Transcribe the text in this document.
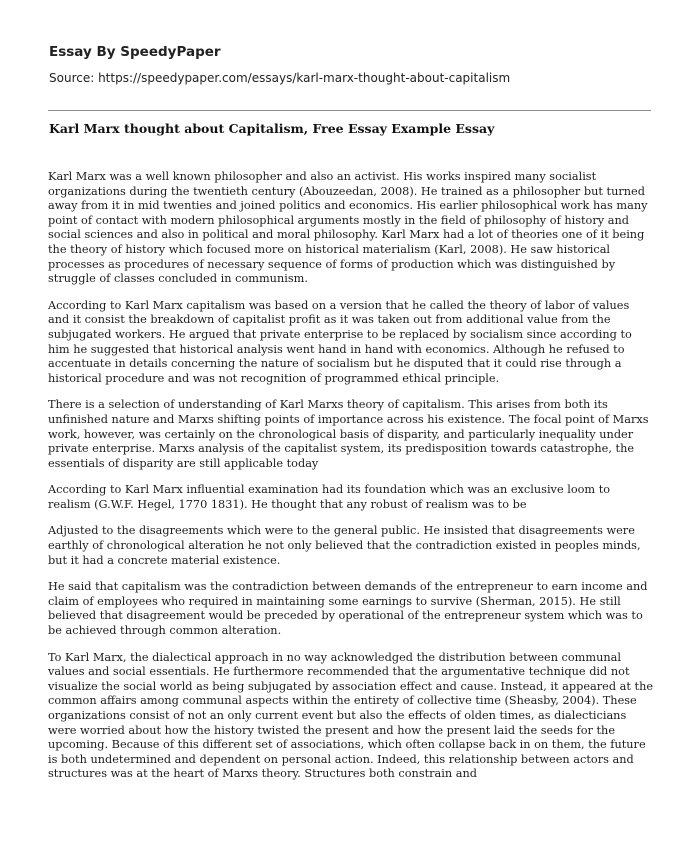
Essay By SpeedyPaper

Source: https://speedypaper.com/essays/karl-marx-thought-about-capitalism

Karl Marx thought about Capitalism, Free Essay Example Essay

Karl Marx was a well known philosopher and also an activist. His works inspired many socialist organizations during the twentieth century (Abouzeedan, 2008). He trained as a philosopher but turned away from it in mid twenties and joined politics and economics. His earlier philosophical work has many point of contact with modern philosophical arguments mostly in the field of philosophy of history and social sciences and also in political and moral philosophy. Karl Marx had a lot of theories one of it being the theory of history which focused more on historical materialism (Karl, 2008). He saw historical processes as procedures of necessary sequence of forms of production which was distinguished by struggle of classes concluded in communism.

According to Karl Marx capitalism was based on a version that he called the theory of labor of values and it consist the breakdown of capitalist profit as it was taken out from additional value from the subjugated workers. He argued that private enterprise to be replaced by socialism since according to him he suggested that historical analysis went hand in hand with economics. Although he refused to accentuate in details concerning the nature of socialism but he disputed that it could rise through a historical procedure and was not recognition of programmed ethical principle.

There is a selection of understanding of Karl Marxs theory of capitalism. This arises from both its unfinished nature and Marxs shifting points of importance across his existence. The focal point of Marxs work, however, was certainly on the chronological basis of disparity, and particularly inequality under private enterprise. Marxs analysis of the capitalist system, its predisposition towards catastrophe, the essentials of disparity are still applicable today

According to Karl Marx influential examination had its foundation which was an exclusive loom to realism (G.W.F. Hegel, 1770 1831). He thought that any robust of realism was to be

Adjusted to the disagreements which were to the general public. He insisted that disagreements were earthly of chronological alteration he not only believed that the contradiction existed in peoples minds, but it had a concrete material existence.

He said that capitalism was the contradiction between demands of the entrepreneur to earn income and claim of employees who required in maintaining some earnings to survive (Sherman, 2015). He still believed that disagreement would be preceded by operational of the entrepreneur system which was to be achieved through common alteration.

To Karl Marx, the dialectical approach in no way acknowledged the distribution between communal values and social essentials. He furthermore recommended that the argumentative technique did not visualize the social world as being subjugated by association effect and cause. Instead, it appeared at the common affairs among communal aspects within the entirety of collective time (Sheasby, 2004). These organizations consist of not an only current event but also the effects of olden times, as dialecticians were worried about how the history twisted the present and how the present laid the seeds for the upcoming. Because of this different set of associations, which often collapse back in on them, the future is both undetermined and dependent on personal action. Indeed, this relationship between actors and structures was at the heart of Marxs theory. Structures both constrain and
